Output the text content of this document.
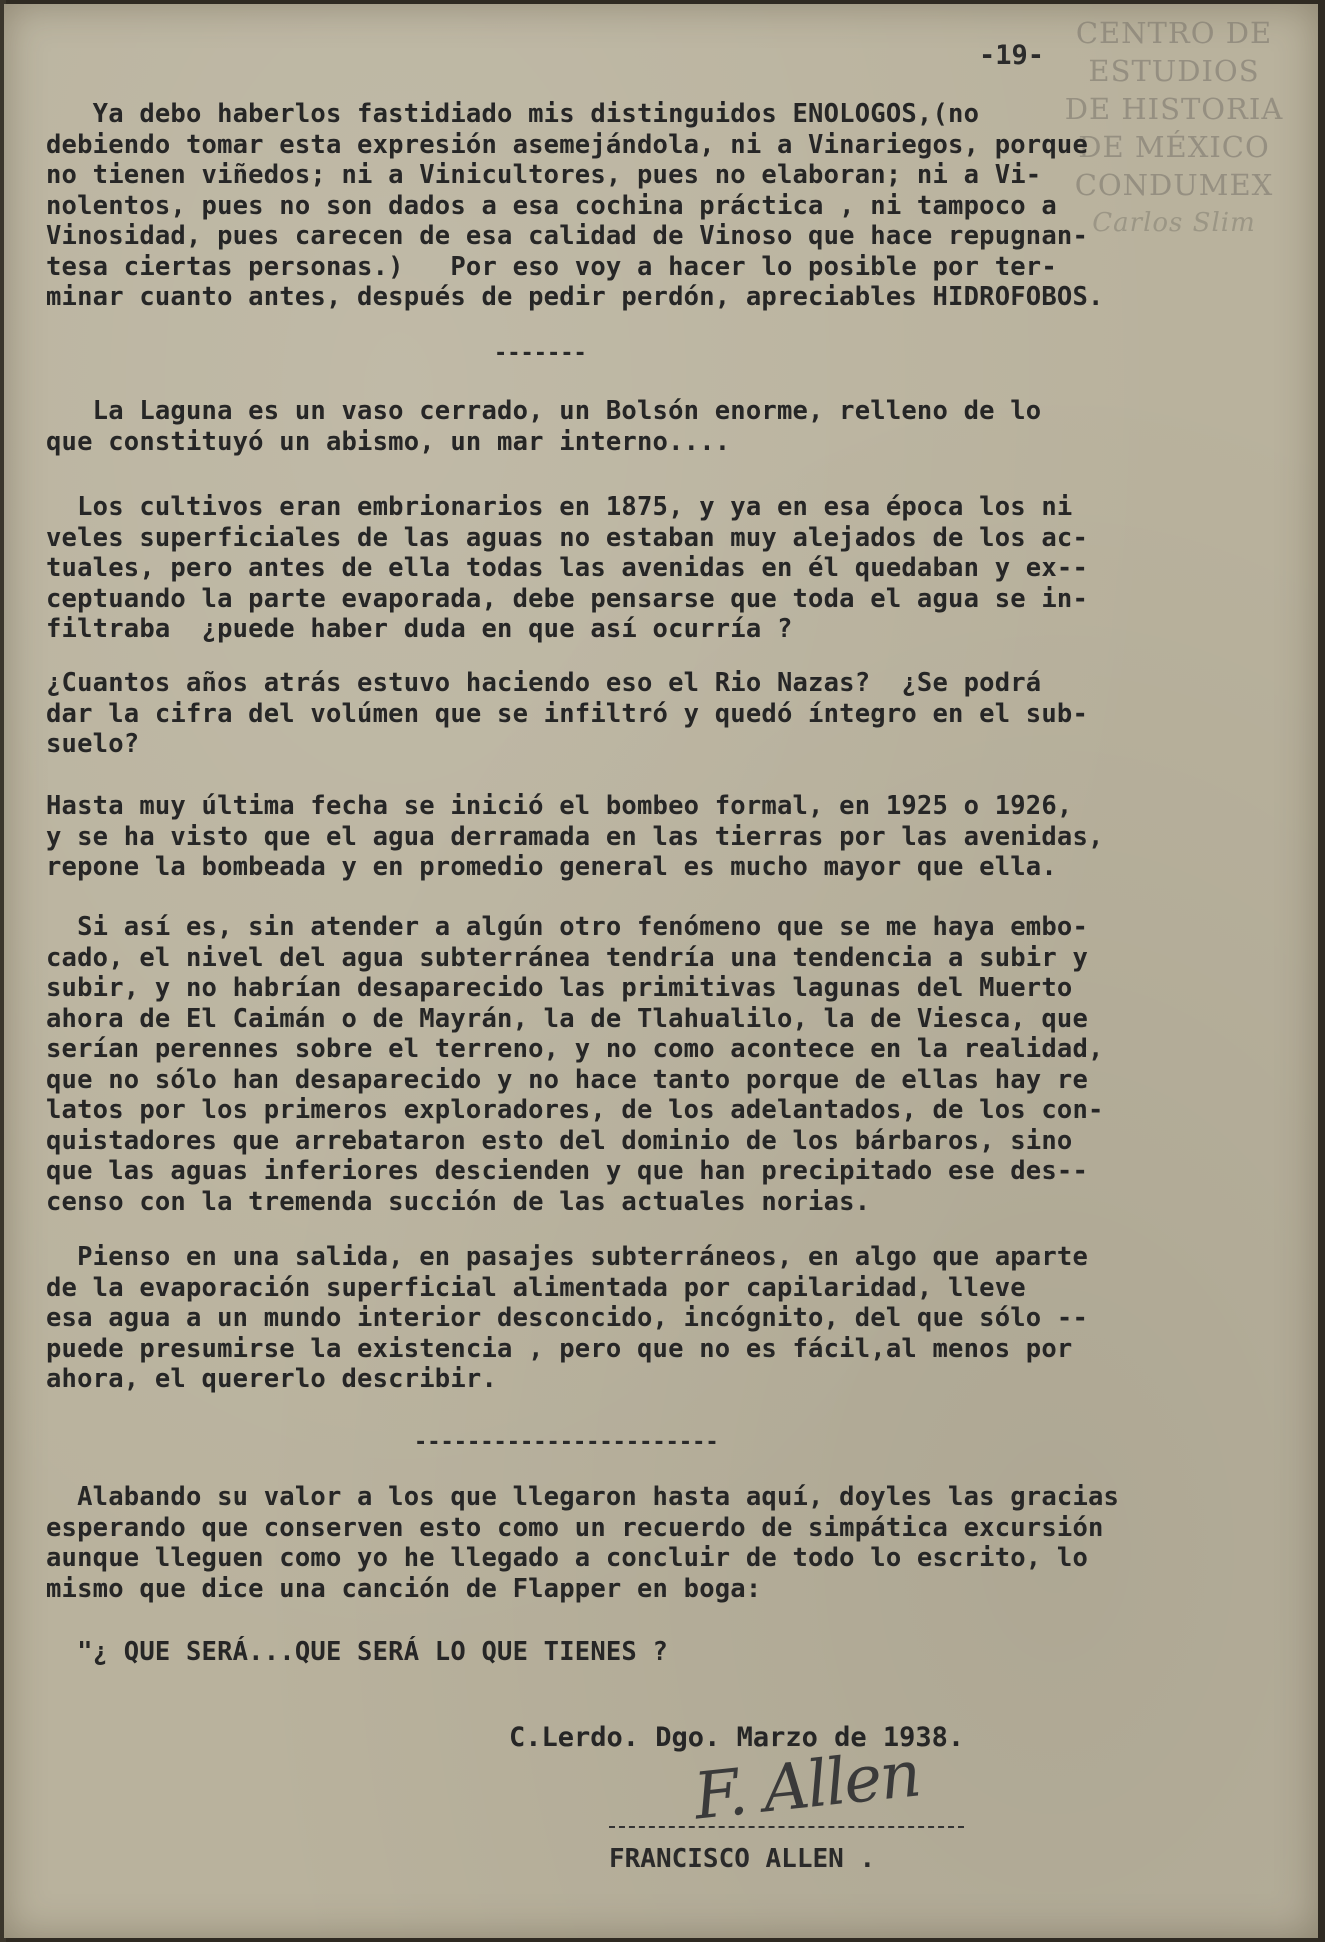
CENTRO DE
ESTUDIOS
DE HISTORIA
DE MÉXICO
CONDUMEX
Carlos Slim
-19-
Ya debo haberlos fastidiado mis distinguidos ENOLOGOS,(no
debiendo tomar esta expresión asemejándola, ni a Vinariegos, porque
no tienen viñedos; ni a Vinicultores, pues no elaboran; ni a Vi-
nolentos, pues no son dados a esa cochina práctica , ni tampoco a
Vinosidad, pues carecen de esa calidad de Vinoso que hace repugnan-
tesa ciertas personas.)   Por eso voy a hacer lo posible por ter-
minar cuanto antes, después de pedir perdón, apreciables HIDROFOBOS.
La Laguna es un vaso cerrado, un Bolsón enorme, relleno de lo
que constituyó un abismo, un mar interno....
Los cultivos eran embrionarios en 1875, y ya en esa época los ni
veles superficiales de las aguas no estaban muy alejados de los ac-
tuales, pero antes de ella todas las avenidas en él quedaban y ex--
ceptuando la parte evaporada, debe pensarse que toda el agua se in-
filtraba  ¿puede haber duda en que así ocurría ?
¿Cuantos años atrás estuvo haciendo eso el Rio Nazas?  ¿Se podrá
dar la cifra del volúmen que se infiltró y quedó íntegro en el sub-
suelo?
Hasta muy última fecha se inició el bombeo formal, en 1925 o 1926,
y se ha visto que el agua derramada en las tierras por las avenidas,
repone la bombeada y en promedio general es mucho mayor que ella.
Si así es, sin atender a algún otro fenómeno que se me haya embo-
cado, el nivel del agua subterránea tendría una tendencia a subir y
subir, y no habrían desaparecido las primitivas lagunas del Muerto
ahora de El Caimán o de Mayrán, la de Tlahualilo, la de Viesca, que
serían perennes sobre el terreno, y no como acontece en la realidad,
que no sólo han desaparecido y no hace tanto porque de ellas hay re
latos por los primeros exploradores, de los adelantados, de los con-
quistadores que arrebataron esto del dominio de los bárbaros, sino
que las aguas inferiores descienden y que han precipitado ese des--
censo con la tremenda succión de las actuales norias.
Pienso en una salida, en pasajes subterráneos, en algo que aparte
de la evaporación superficial alimentada por capilaridad, lleve
esa agua a un mundo interior desconcido, incógnito, del que sólo --
puede presumirse la existencia , pero que no es fácil,al menos por
ahora, el quererlo describir.
Alabando su valor a los que llegaron hasta aquí, doyles las gracias
esperando que conserven esto como un recuerdo de simpática excursión
aunque lleguen como yo he llegado a concluir de todo lo escrito, lo
mismo que dice una canción de Flapper en boga:
"¿ QUE SERÁ...QUE SERÁ LO QUE TIENES ?
-------
-----------------------
C.Lerdo. Dgo. Marzo de 1938.
F. Allen
FRANCISCO ALLEN .
